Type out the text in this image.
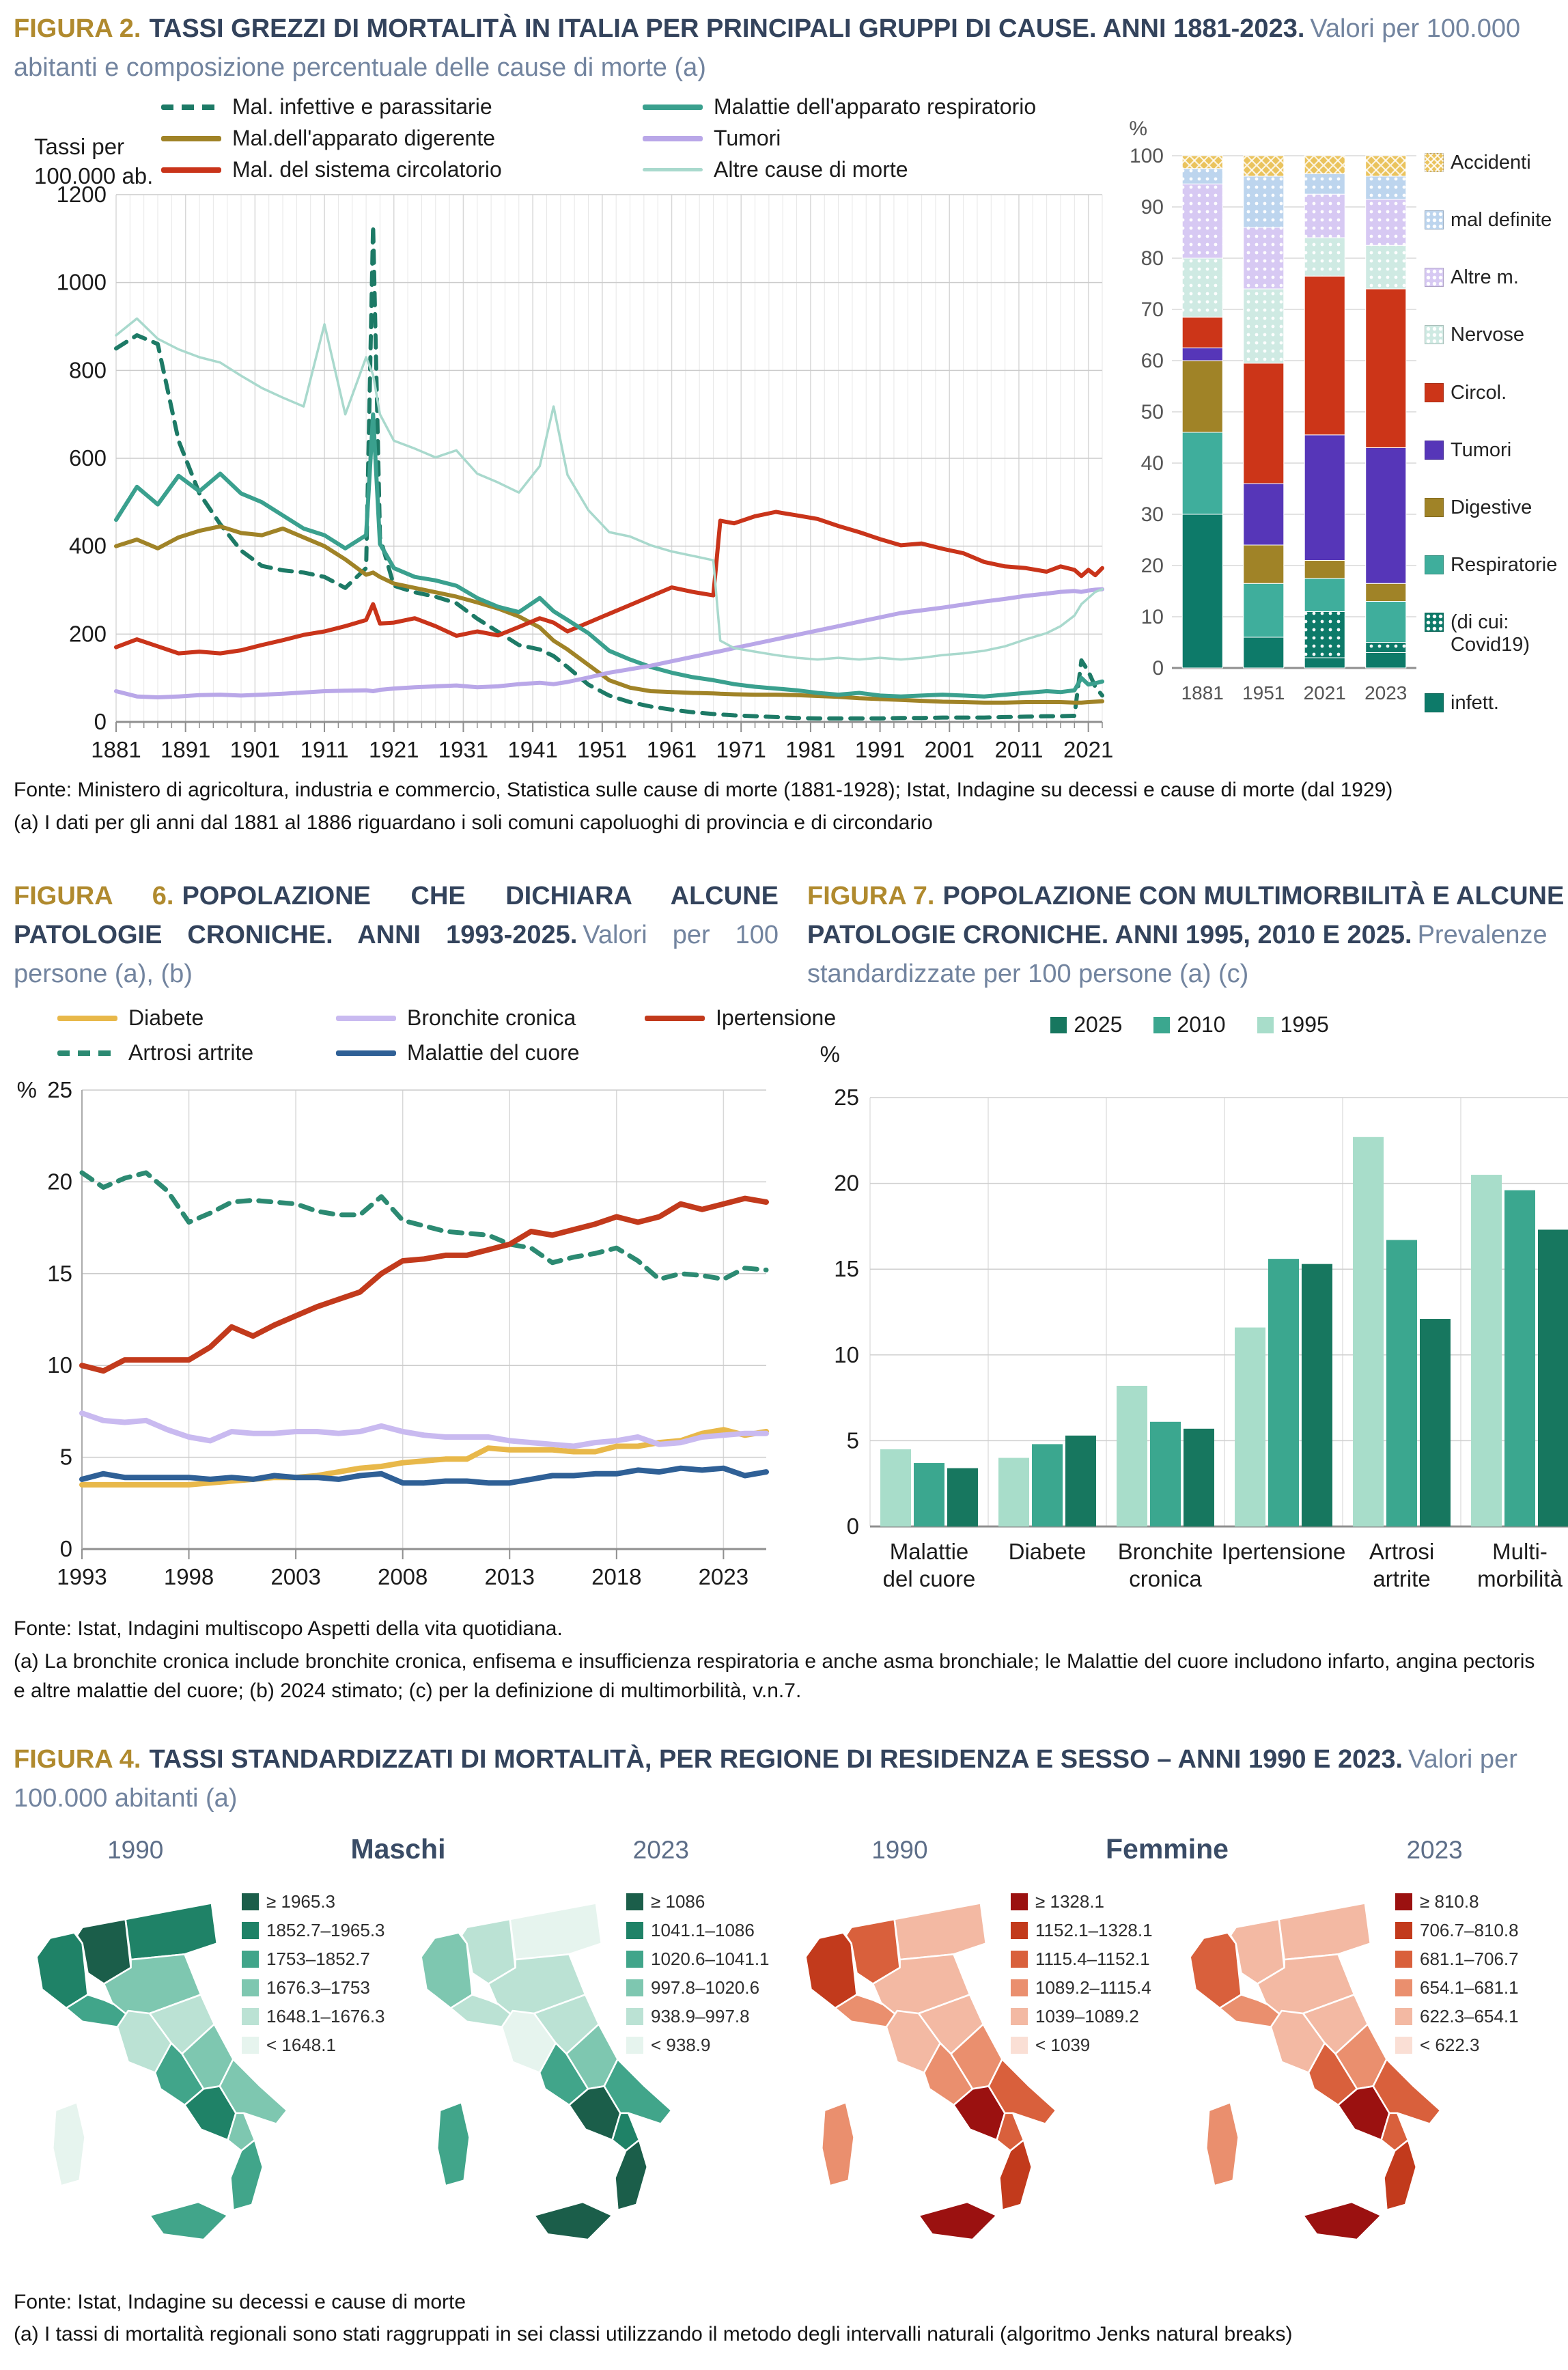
FIGURA 2. TASSI GREZZI DI MORTALITÀ IN ITALIA PER PRINCIPALI GRUPPI DI CAUSE. ANNI 1881-2023. Valori per 100.000 abitanti e composizione percentuale delle cause di morte (a)

Tassi per
100.000 ab.
Mal. infettive e parassitarie
Mal.dell'apparato digerente
Mal. del sistema circolatorio
Malattie dell'apparato respiratorio
Tumori
Altre cause di morte
1881 1891 1901 1911 1921 1931 1941 1951 1961 1971 1981 1991 2001 2011 2021
0
200
400
600
800
1000
1200
0
10
20
30
40
50
60
70
80
90
100
%
1881 1951 2021 2023
Accidenti
mal definite
Altre m.
Nervose
Circol.
Tumori
Digestive
Respiratorie
(di cui: Covid19)
infett.

Fonte: Ministero di agricoltura, industria e commercio, Statistica sulle cause di morte (1881-1928); Istat, Indagine su decessi e cause di morte (dal 1929)

(a) I dati per gli anni dal 1881 al 1886 riguardano i soli comuni capoluoghi di provincia e di circondario

FIGURA 6. POPOLAZIONE CHE DICHIARA ALCUNE PATOLOGIE CRONICHE. ANNI 1993-2025. Valori per 100 persone (a), (b)

Diabete	Bronchite cronica	Ipertensione
Artrosi artrite	Malattie del cuore
1993	1998	2003	2008	2013	2018	2023
0
5
10
15
20
25
%

FIGURA 7. POPOLAZIONE CON MULTIMORBILITÀ E ALCUNE PATOLOGIE CRONICHE. ANNI 1995, 2010 E 2025. Prevalenze standardizzate per 100 persone (a) (c)

2025	2010	1995
0
5
10
15
20
25
%
Malattie
del cuore
Diabete Bronchite
cronica
Ipertensione Artrosi
artrite
Multi-
morbilità

Fonte: Istat, Indagini multiscopo Aspetti della vita quotidiana.

(a) La bronchite cronica include bronchite cronica, enfisema e insufficienza respiratoria e anche asma bronchiale; le Malattie del cuore includono infarto, angina pectoris e altre malattie del cuore; (b) 2024 stimato; (c) per la definizione di multimorbilità, v.n.7.

FIGURA 4. TASSI STANDARDIZZATI DI MORTALITÀ, PER REGIONE DI RESIDENZA E SESSO – ANNI 1990 E 2023. Valori per 100.000 abitanti (a)

1990	Maschi	2023	1990	Femmine	2023
≥ 1965.3
1852.7–1965.3
1753–1852.7
1676.3–1753
1648.1–1676.3
< 1648.1
≥ 1086
1041.1–1086
1020.6–1041.1
997.8–1020.6
938.9–997.8
< 938.9
≥ 1328.1
1152.1–1328.1
1115.4–1152.1
1089.2–1115.4
1039–1089.2
< 1039
≥ 810.8
706.7–810.8
681.1–706.7
654.1–681.1
622.3–654.1
< 622.3

Fonte: Istat, Indagine su decessi e cause di morte

(a) I tassi di mortalità regionali sono stati raggruppati in sei classi utilizzando il metodo degli intervalli naturali (algoritmo Jenks natural breaks)
